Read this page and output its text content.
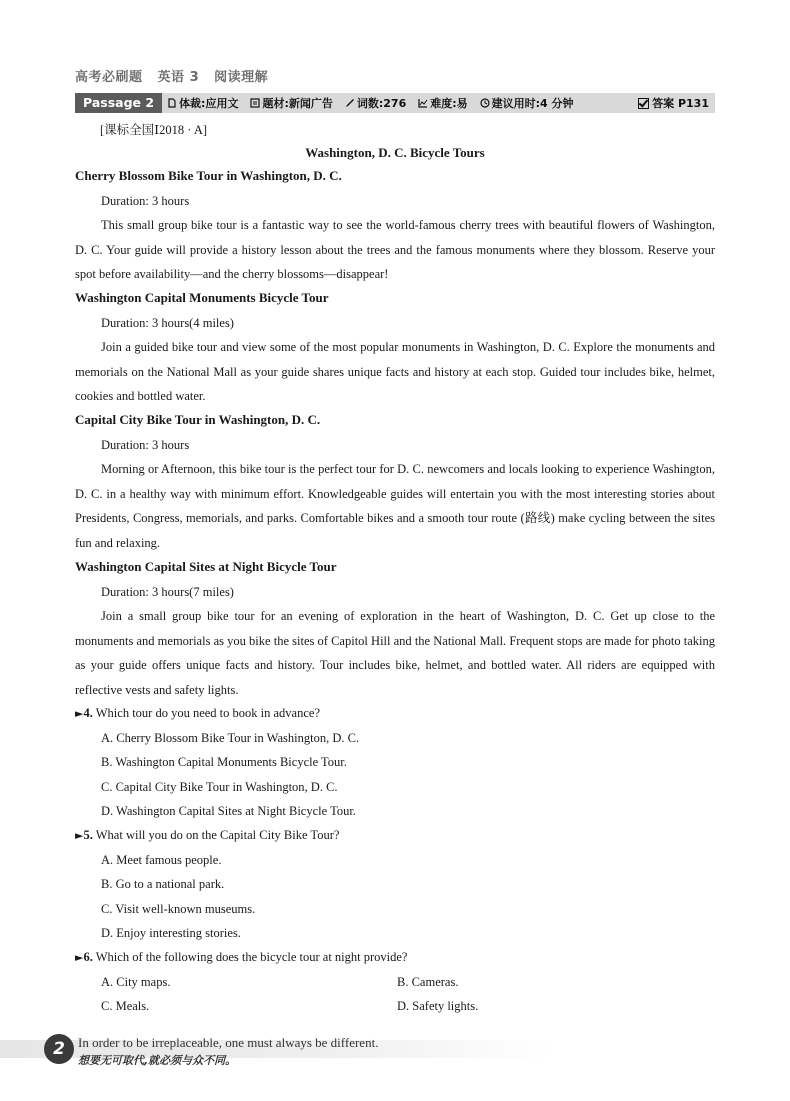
高考必刷题 英语 3 阅读理解
Passage 2	体裁:应用文 题材:新闻广告 词数:276 难度:易 建议用时:4 分钟	答案 P131
[课标全国Ⅰ2018 · A]
Washington, D. C. Bicycle Tours
Cherry Blossom Bike Tour in Washington, D. C.
Duration: 3 hours
This small group bike tour is a fantastic way to see the world-famous cherry trees with beautiful flowers of Washington, D. C. Your guide will provide a history lesson about the trees and the famous monuments where they blossom. Reserve your spot before availability—and the cherry blossoms—disappear!
Washington Capital Monuments Bicycle Tour
Duration: 3 hours(4 miles)
Join a guided bike tour and view some of the most popular monuments in Washington, D. C. Explore the monuments and memorials on the National Mall as your guide shares unique facts and history at each stop. Guided tour includes bike, helmet, cookies and bottled water.
Capital City Bike Tour in Washington, D. C.
Duration: 3 hours
Morning or Afternoon, this bike tour is the perfect tour for D. C. newcomers and locals looking to experience Washington, D. C. in a healthy way with minimum effort. Knowledgeable guides will entertain you with the most interesting stories about Presidents, Congress, memorials, and parks. Comfortable bikes and a smooth tour route (路线) make cycling between the sites fun and relaxing.
Washington Capital Sites at Night Bicycle Tour
Duration: 3 hours(7 miles)
Join a small group bike tour for an evening of exploration in the heart of Washington, D. C. Get up close to the monuments and memorials as you bike the sites of Capitol Hill and the National Mall. Frequent stops are made for photo taking as your guide offers unique facts and history. Tour includes bike, helmet, and bottled water. All riders are equipped with reflective vests and safety lights.
►4. Which tour do you need to book in advance?
A. Cherry Blossom Bike Tour in Washington, D. C.
B. Washington Capital Monuments Bicycle Tour.
C. Capital City Bike Tour in Washington, D. C.
D. Washington Capital Sites at Night Bicycle Tour.
►5. What will you do on the Capital City Bike Tour?
A. Meet famous people.
B. Go to a national park.
C. Visit well-known museums.
D. Enjoy interesting stories.
►6. Which of the following does the bicycle tour at night provide?
A. City maps.	B. Cameras.
C. Meals.	D. Safety lights.
2	In order to be irreplaceable, one must always be different.
想要无可取代,就必须与众不同。
